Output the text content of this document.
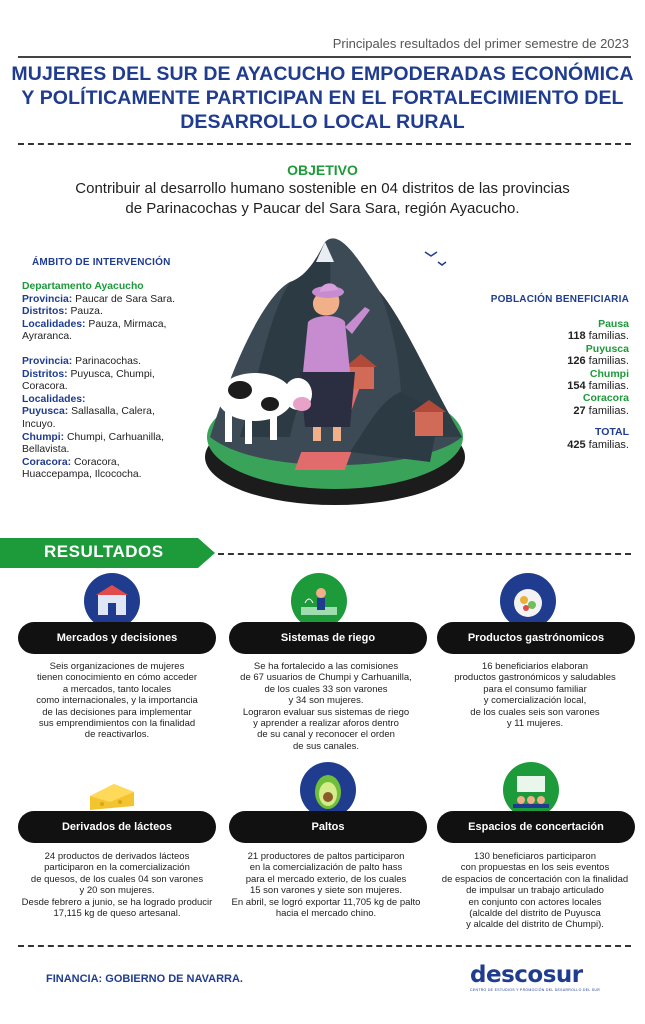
Principales resultados del primer semestre de 2023
MUJERES DEL SUR DE AYACUCHO EMPODERADAS ECONÓMICA
Y POLÍTICAMENTE PARTICIPAN EN EL FORTALECIMIENTO DEL
DESARROLLO LOCAL RURAL
OBJETIVO
Contribuir al desarrollo humano sostenible en 04 distritos de las provincias
de Parinacochas y Paucar del Sara Sara, región Ayacucho.
ÁMBITO DE INTERVENCIÓN

Departamento Ayacucho

Provincia: Paucar de Sara Sara.

Distritos: Pauza.

Localidades: Pauza, Mirmaca,

Ayraranca.

Provincia: Parinacochas.

Distritos: Puyusca, Chumpi,

Coracora.

Localidades:

Puyusca: Sallasalla, Calera,

Incuyo.

Chumpi: Chumpi, Carhuanilla,

Bellavista.

Coracora: Coracora,

Huaccepampa, Ilcococha.

POBLACIÓN BENEFICIARIA
Pausa
118 familias.
Puyusca
126 familias.
Chumpi
154 familias.
Coracora
27 familias.
TOTAL
425 familias.
RESULTADOS
Mercados y decisiones
Seis organizaciones de mujeres
tienen conocimiento en cómo acceder
a mercados, tanto locales
como internacionales, y la importancia
de las decisiones para implementar
sus emprendimientos con la finalidad
de reactivarlos.
Sistemas de riego
Se ha fortalecido a las comisiones
de 67 usuarios de Chumpi y Carhuanilla,
de los cuales 33 son varones
y 34 son mujeres.
Lograron evaluar sus sistemas de riego
y aprender a realizar aforos dentro
de su canal y reconocer el orden
de sus canales.
Productos gastrónomicos
16 beneficiarios elaboran
productos gastronómicos y saludables
para el consumo familiar
y comercialización local,
de los cuales seis son varones
y 11 mujeres.
Derivados de lácteos
24 productos de derivados lácteos
participaron en la comercialización
de quesos, de los cuales 04 son varones
y 20 son mujeres.
Desde febrero a junio, se ha logrado producir
17,115 kg de queso artesanal.
Paltos
21 productores de paltos participaron
en la comercialización de palto hass
para el mercado exterio, de los cuales
15 son varones y siete son mujeres.
En abril, se logró exportar 11,705 kg de palto
hacia el mercado chino.
Espacios de concertación
130 beneficiaros participaron
con propuestas en los seis eventos
de espacios de concertación con la finalidad
de impulsar un trabajo articulado
en conjunto con actores locales
(alcalde del distrito de Puyusca
y alcalde del distrito de Chumpi).
FINANCIA: GOBIERNO DE NAVARRA.	descosur
CENTRO DE ESTUDIOS Y PROMOCIÓN DEL DESARROLLO DEL SUR
